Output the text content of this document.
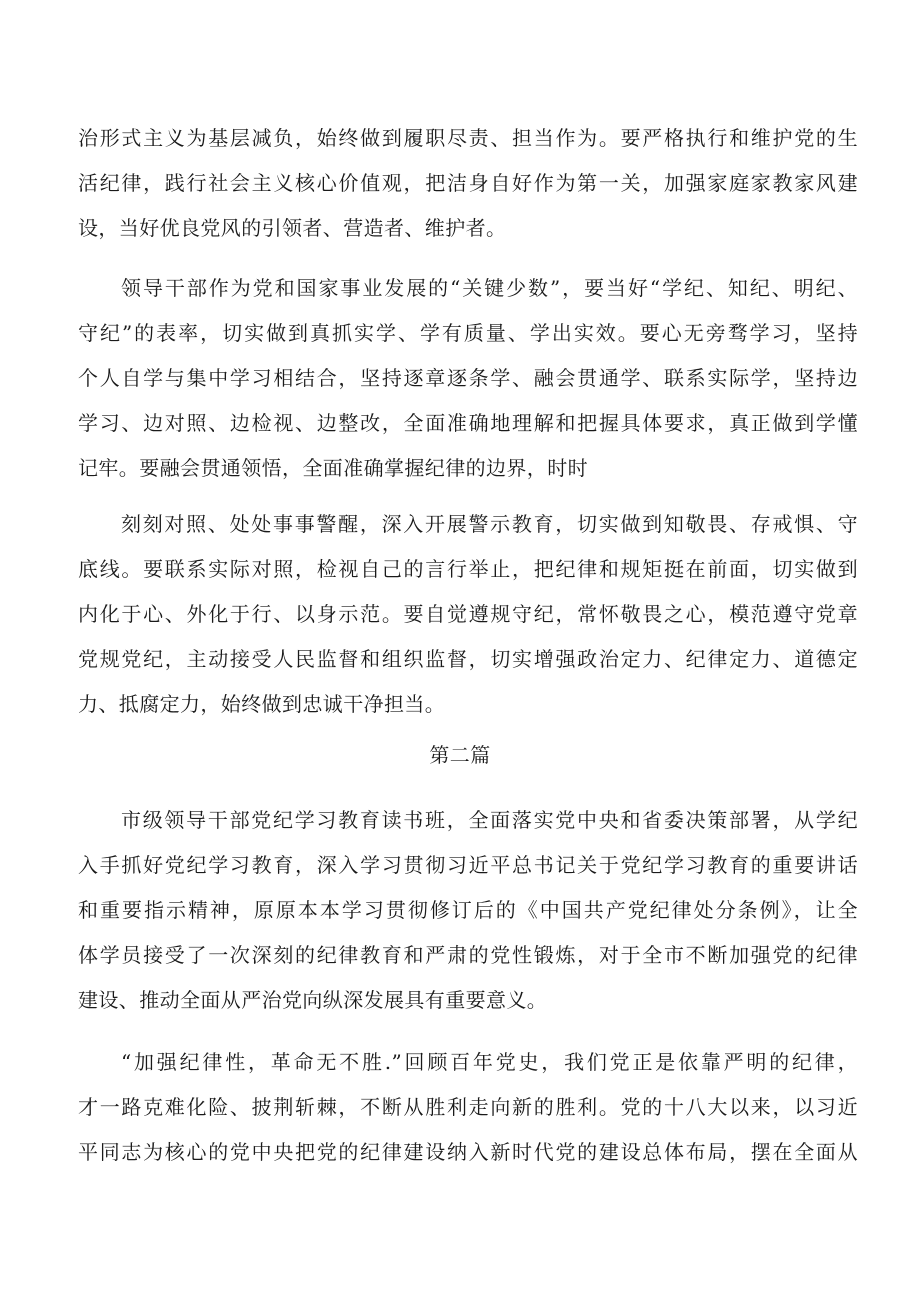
治形式主义为基层减负，始终做到履职尽责、担当作为。要严格执行和维护党的生
活纪律，践行社会主义核心价值观，把洁身自好作为第一关，加强家庭家教家风建
设，当好优良党风的引领者、营造者、维护者。
领导干部作为党和国家事业发展的“关键少数”，要当好“学纪、知纪、明纪、
守纪”的表率，切实做到真抓实学、学有质量、学出实效。要心无旁骛学习，坚持
个人自学与集中学习相结合，坚持逐章逐条学、融会贯通学、联系实际学，坚持边
学习、边对照、边检视、边整改，全面准确地理解和把握具体要求，真正做到学懂
记牢。要融会贯通领悟，全面准确掌握纪律的边界，时时
刻刻对照、处处事事警醒，深入开展警示教育，切实做到知敬畏、存戒惧、守
底线。要联系实际对照，检视自己的言行举止，把纪律和规矩挺在前面，切实做到
内化于心、外化于行、以身示范。要自觉遵规守纪，常怀敬畏之心，模范遵守党章
党规党纪，主动接受人民监督和组织监督，切实增强政治定力、纪律定力、道德定
力、抵腐定力，始终做到忠诚干净担当。
第二篇
市级领导干部党纪学习教育读书班，全面落实党中央和省委决策部署，从学纪
入手抓好党纪学习教育，深入学习贯彻习近平总书记关于党纪学习教育的重要讲话
和重要指示精神，原原本本学习贯彻修订后的《中国共产党纪律处分条例》，让全
体学员接受了一次深刻的纪律教育和严肃的党性锻炼，对于全市不断加强党的纪律
建设、推动全面从严治党向纵深发展具有重要意义。
“加强纪律性，革命无不胜.”回顾百年党史，我们党正是依靠严明的纪律，
才一路克难化险、披荆斩棘，不断从胜利走向新的胜利。党的十八大以来，以习近
平同志为核心的党中央把党的纪律建设纳入新时代党的建设总体布局，摆在全面从
